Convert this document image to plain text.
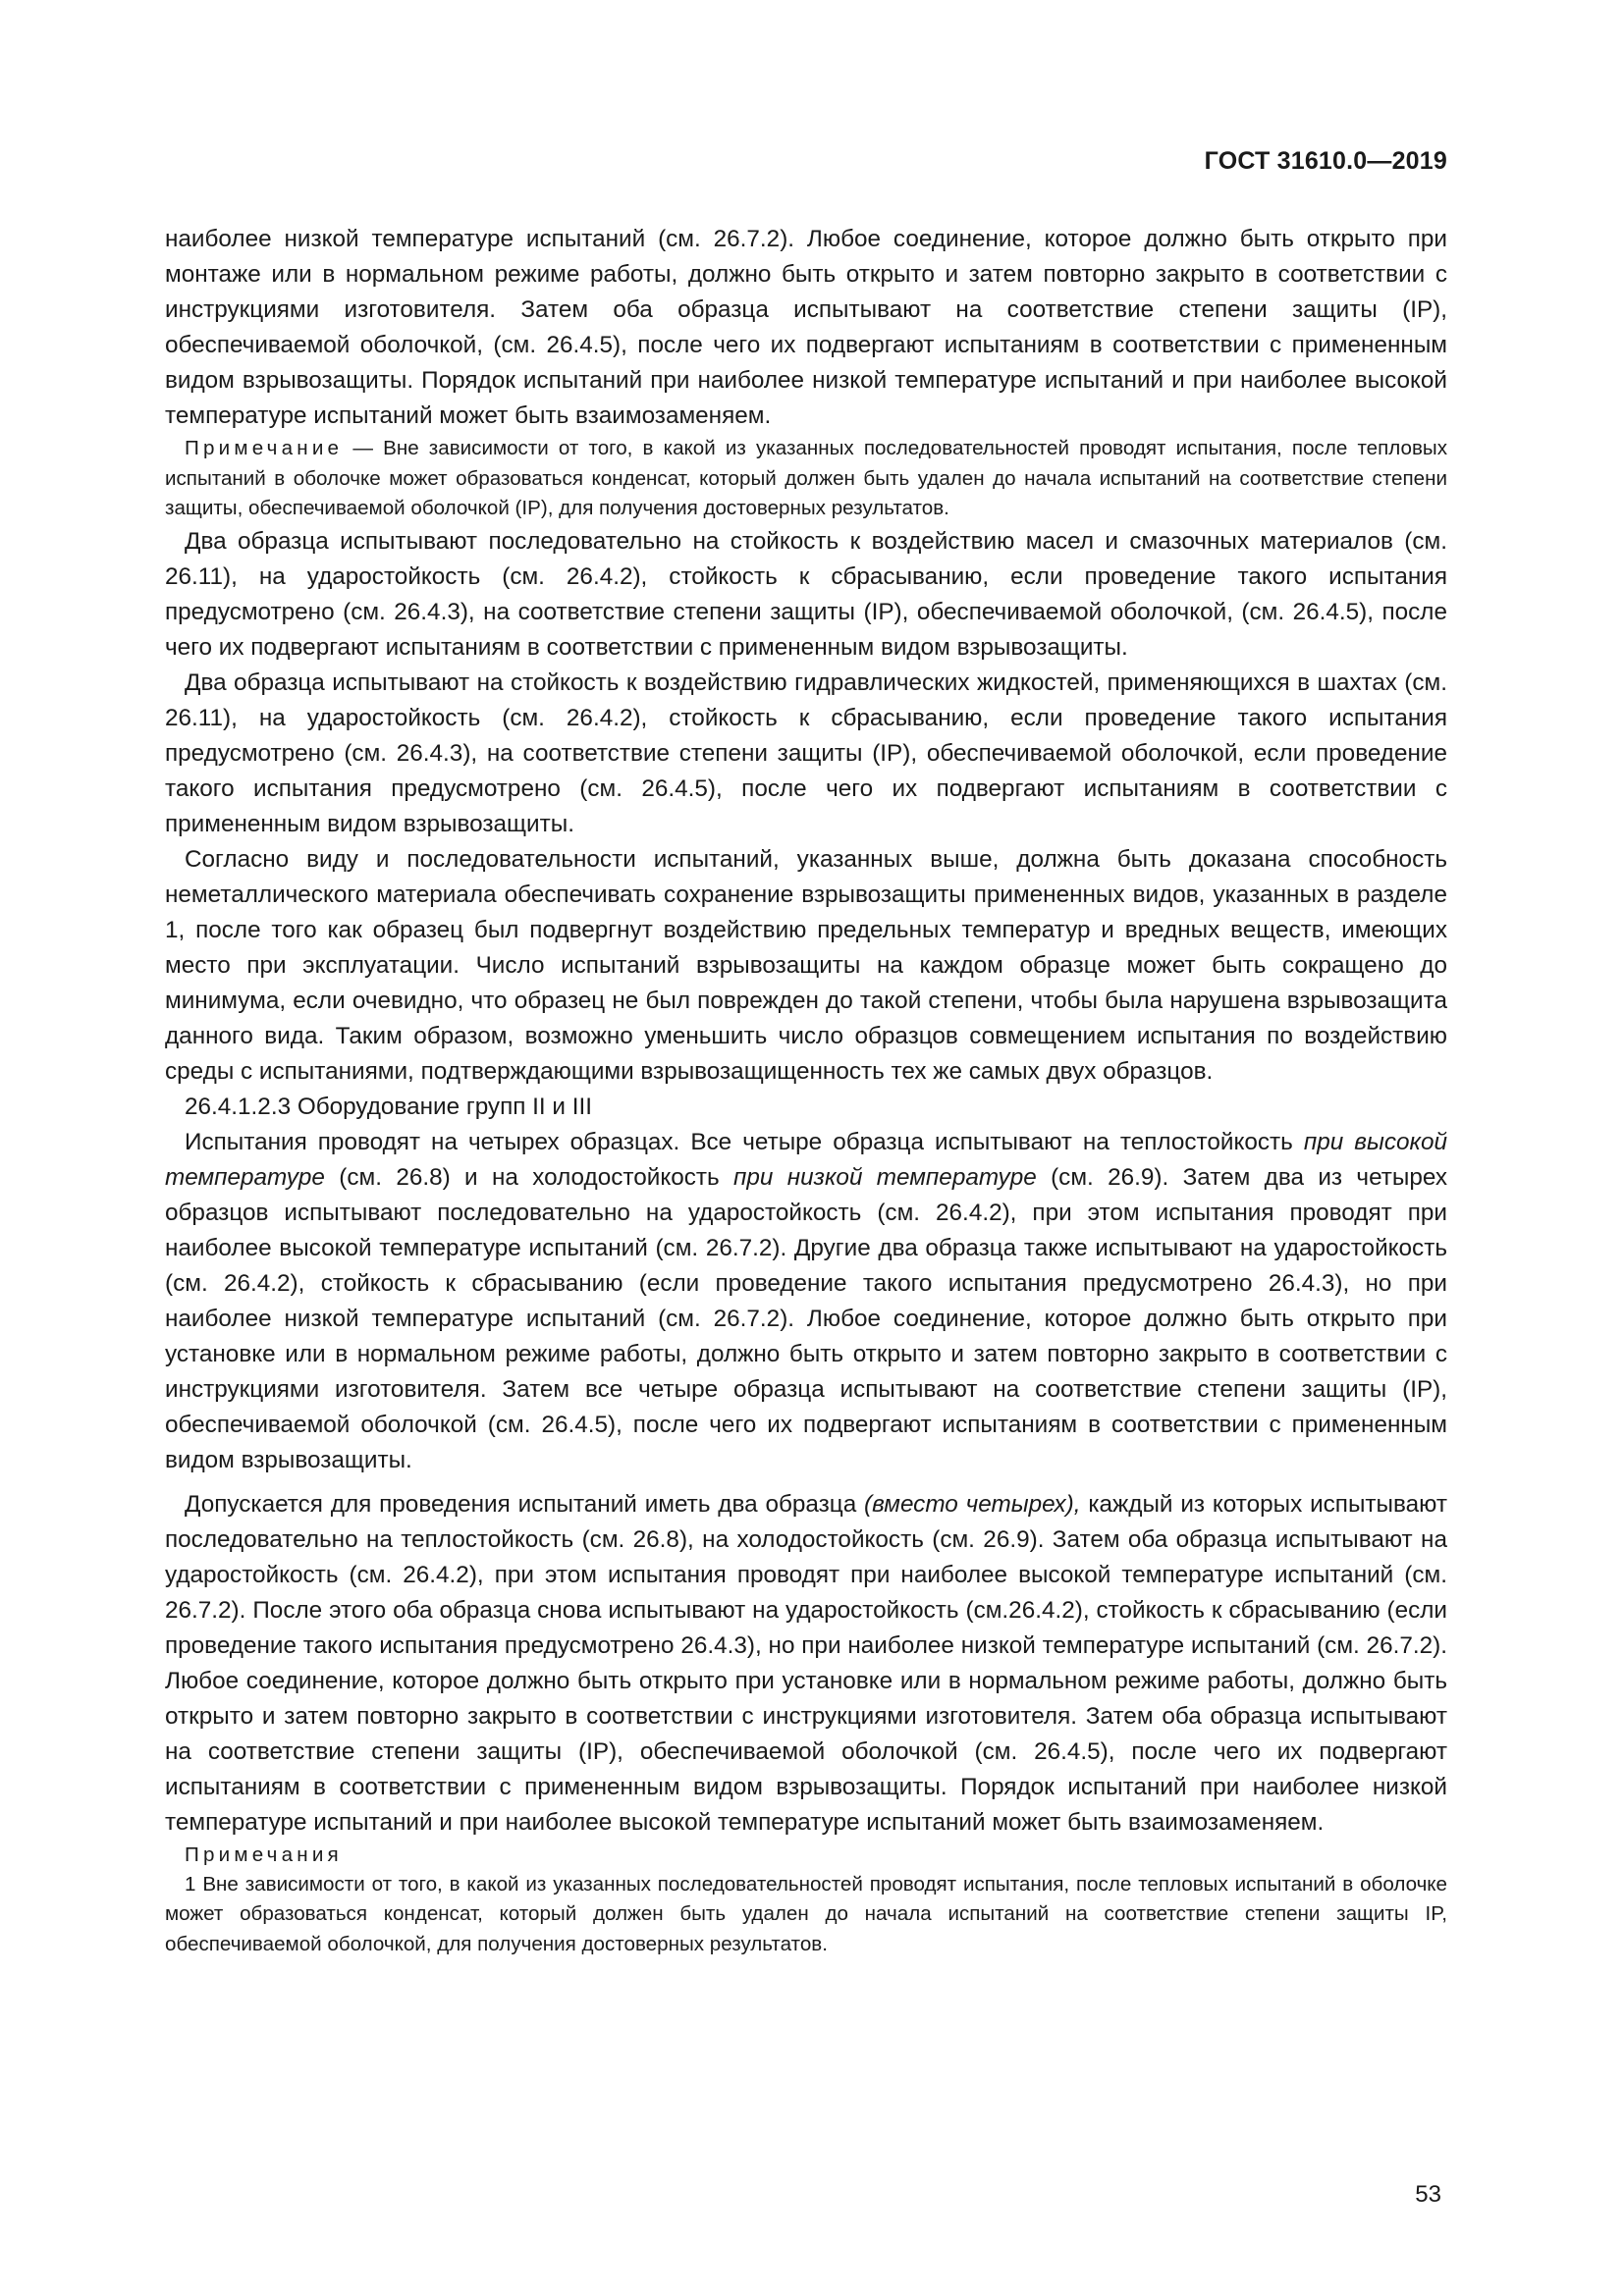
ГОСТ 31610.0—2019

наиболее низкой температуре испытаний (см. 26.7.2). Любое соединение, которое должно быть открыто при монтаже или в нормальном режиме работы, должно быть открыто и затем повторно закрыто в соответствии с инструкциями изготовителя. Затем оба образца испытывают на соответствие степени защиты (IP), обеспечиваемой оболочкой, (см. 26.4.5), после чего их подвергают испытаниям в соответствии с примененным видом взрывозащиты. Порядок испытаний при наиболее низкой температуре испытаний и при наиболее высокой температуре испытаний может быть взаимозаменяем.

Примечание — Вне зависимости от того, в какой из указанных последовательностей проводят испытания, после тепловых испытаний в оболочке может образоваться конденсат, который должен быть удален до начала испытаний на соответствие степени защиты, обеспечиваемой оболочкой (IP), для получения достоверных результатов.

Два образца испытывают последовательно на стойкость к воздействию масел и смазочных материалов (см. 26.11), на ударостойкость (см. 26.4.2), стойкость к сбрасыванию, если проведение такого испытания предусмотрено (см. 26.4.3), на соответствие степени защиты (IP), обеспечиваемой оболочкой, (см. 26.4.5), после чего их подвергают испытаниям в соответствии с примененным видом взрывозащиты.

Два образца испытывают на стойкость к воздействию гидравлических жидкостей, применяющихся в шахтах (см. 26.11), на ударостойкость (см. 26.4.2), стойкость к сбрасыванию, если проведение такого испытания предусмотрено (см. 26.4.3), на соответствие степени защиты (IP), обеспечиваемой оболочкой, если проведение такого испытания предусмотрено (см. 26.4.5), после чего их подвергают испытаниям в соответствии с примененным видом взрывозащиты.

Согласно виду и последовательности испытаний, указанных выше, должна быть доказана способность неметаллического материала обеспечивать сохранение взрывозащиты примененных видов, указанных в разделе 1, после того как образец был подвергнут воздействию предельных температур и вредных веществ, имеющих место при эксплуатации. Число испытаний взрывозащиты на каждом образце может быть сокращено до минимума, если очевидно, что образец не был поврежден до такой степени, чтобы была нарушена взрывозащита данного вида. Таким образом, возможно уменьшить число образцов совмещением испытания по воздействию среды с испытаниями, подтверждающими взрывозащищенность тех же самых двух образцов.

26.4.1.2.3 Оборудование групп II и III

Испытания проводят на четырех образцах. Все четыре образца испытывают на теплостойкость при высокой температуре (см. 26.8) и на холодостойкость при низкой температуре (см. 26.9). Затем два из четырех образцов испытывают последовательно на ударостойкость (см. 26.4.2), при этом испытания проводят при наиболее высокой температуре испытаний (см. 26.7.2). Другие два образца также испытывают на ударостойкость (см. 26.4.2), стойкость к сбрасыванию (если проведение такого испытания предусмотрено 26.4.3), но при наиболее низкой температуре испытаний (см. 26.7.2). Любое соединение, которое должно быть открыто при установке или в нормальном режиме работы, должно быть открыто и затем повторно закрыто в соответствии с инструкциями изготовителя. Затем все четыре образца испытывают на соответствие степени защиты (IP), обеспечиваемой оболочкой (см. 26.4.5), после чего их подвергают испытаниям в соответствии с примененным видом взрывозащиты.

Допускается для проведения испытаний иметь два образца (вместо четырех), каждый из которых испытывают последовательно на теплостойкость (см. 26.8), на холодостойкость (см. 26.9). Затем оба образца испытывают на ударостойкость (см. 26.4.2), при этом испытания проводят при наиболее высокой температуре испытаний (см. 26.7.2). После этого оба образца снова испытывают на ударостойкость (см.26.4.2), стойкость к сбрасыванию (если проведение такого испытания предусмотрено 26.4.3), но при наиболее низкой температуре испытаний (см. 26.7.2). Любое соединение, которое должно быть открыто при установке или в нормальном режиме работы, должно быть открыто и затем повторно закрыто в соответствии с инструкциями изготовителя. Затем оба образца испытывают на соответствие степени защиты (IP), обеспечиваемой оболочкой (см. 26.4.5), после чего их подвергают испытаниям в соответствии с примененным видом взрывозащиты. Порядок испытаний при наиболее низкой температуре испытаний и при наиболее высокой температуре испытаний может быть взаимозаменяем.

Примечания

1 Вне зависимости от того, в какой из указанных последовательностей проводят испытания, после тепловых испытаний в оболочке может образоваться конденсат, который должен быть удален до начала испытаний на соответствие степени защиты IP, обеспечиваемой оболочкой, для получения достоверных результатов.

53
